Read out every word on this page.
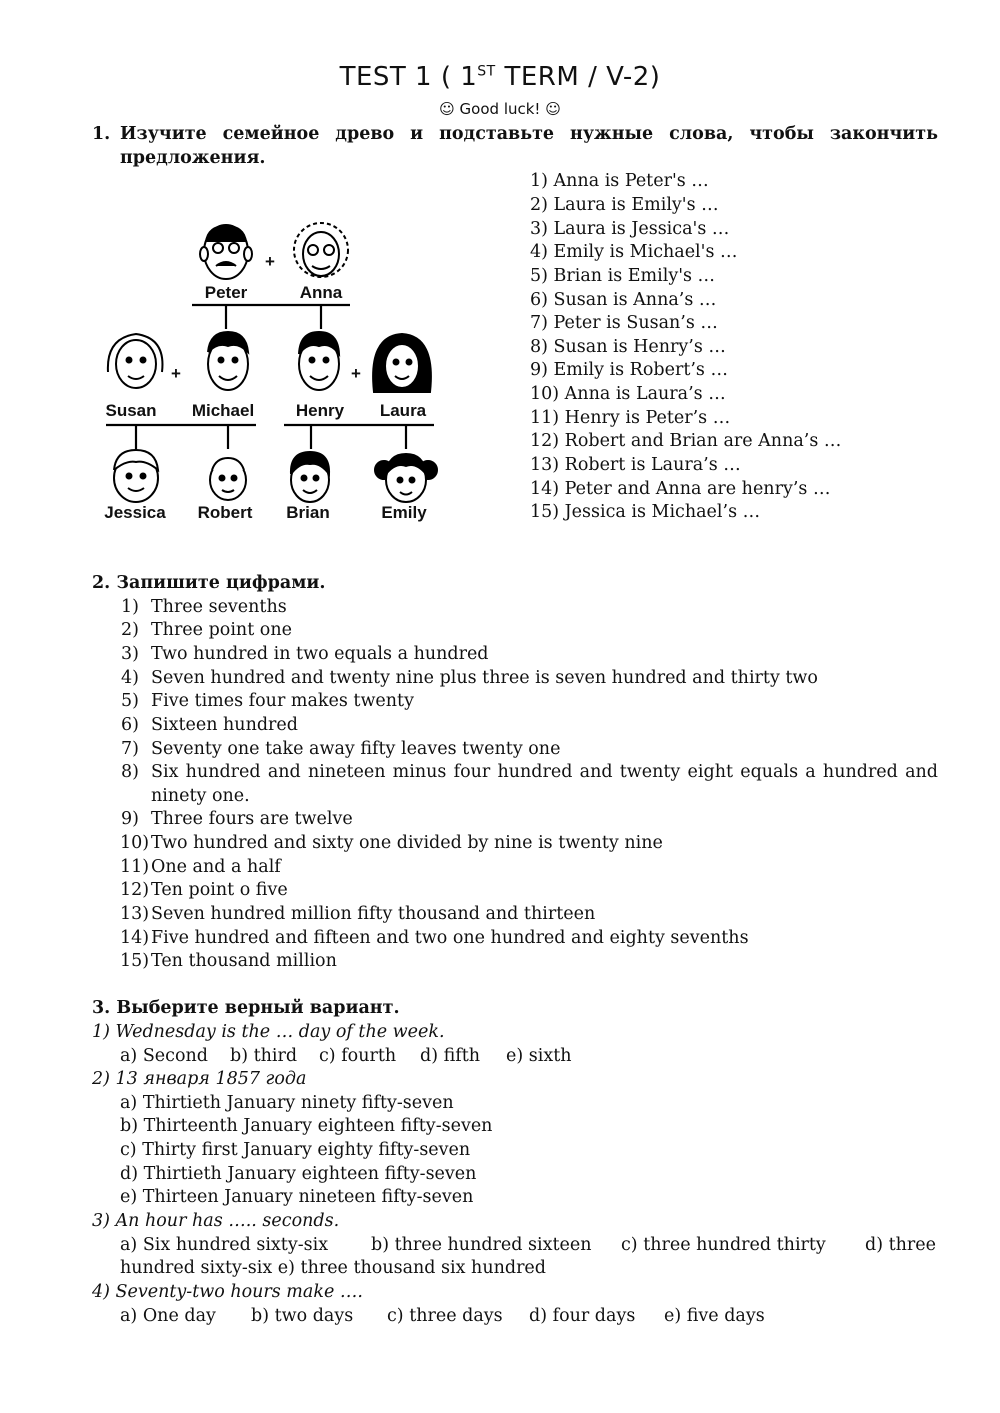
TEST 1 ( 1ST TERM / V-2)
☺ Good luck! ☺
1. Изучите семейное древо и подставьте нужные слова, чтобы закончить
предложения.
+
+	+
Peter	Anna
Susan	Michael	Henry	Laura
Jessica	Robert	Brian	Emily
1) Anna is Peter's …
2) Laura is Emily's …
3) Laura is Jessica's …
4) Emily is Michael's …
5) Brian is Emily's …
6) Susan is Anna’s …
7) Peter is Susan’s …
8) Susan is Henry’s …
9) Emily is Robert’s …
10) Anna is Laura’s …
11) Henry is Peter’s …
12) Robert and Brian are Anna’s …
13) Robert is Laura’s …
14) Peter and Anna are henry’s …
15) Jessica is Michael’s …
2. Запишите цифрами.
1) Three sevenths
2) Three point one
3) Two hundred in two equals a hundred
4) Seven hundred and twenty nine plus three is seven hundred and thirty two
5) Five times four makes twenty
6) Sixteen hundred
7) Seventy one take away fifty leaves twenty one
8) Six hundred and nineteen minus four hundred and twenty eight equals a hundred and
ninety one.
9) Three fours are twelve
10) Two hundred and sixty one divided by nine is twenty nine
11) One and a half
12) Ten point o five
13) Seven hundred million fifty thousand and thirteen
14) Five hundred and fifteen and two one hundred and eighty sevenths
15) Ten thousand million
3. Выберите верный вариант.
1) Wednesday is the … day of the week.
a) Second b) third c) fourth d) fifth e) sixth
2) 13 января 1857 года
a) Thirtieth January ninety fifty-seven
b) Thirteenth January eighteen fifty-seven
c) Thirty first January eighty fifty-seven
d) Thirtieth January eighteen fifty-seven
e) Thirteen January nineteen fifty-seven
3) An hour has ….. seconds.
a) Six hundred sixty-six b) three hundred sixteen c) three hundred thirty d) three
hundred sixty-six e) three thousand six hundred
4) Seventy-two hours make ….
a) One day b) two days c) three days d) four days e) five days
